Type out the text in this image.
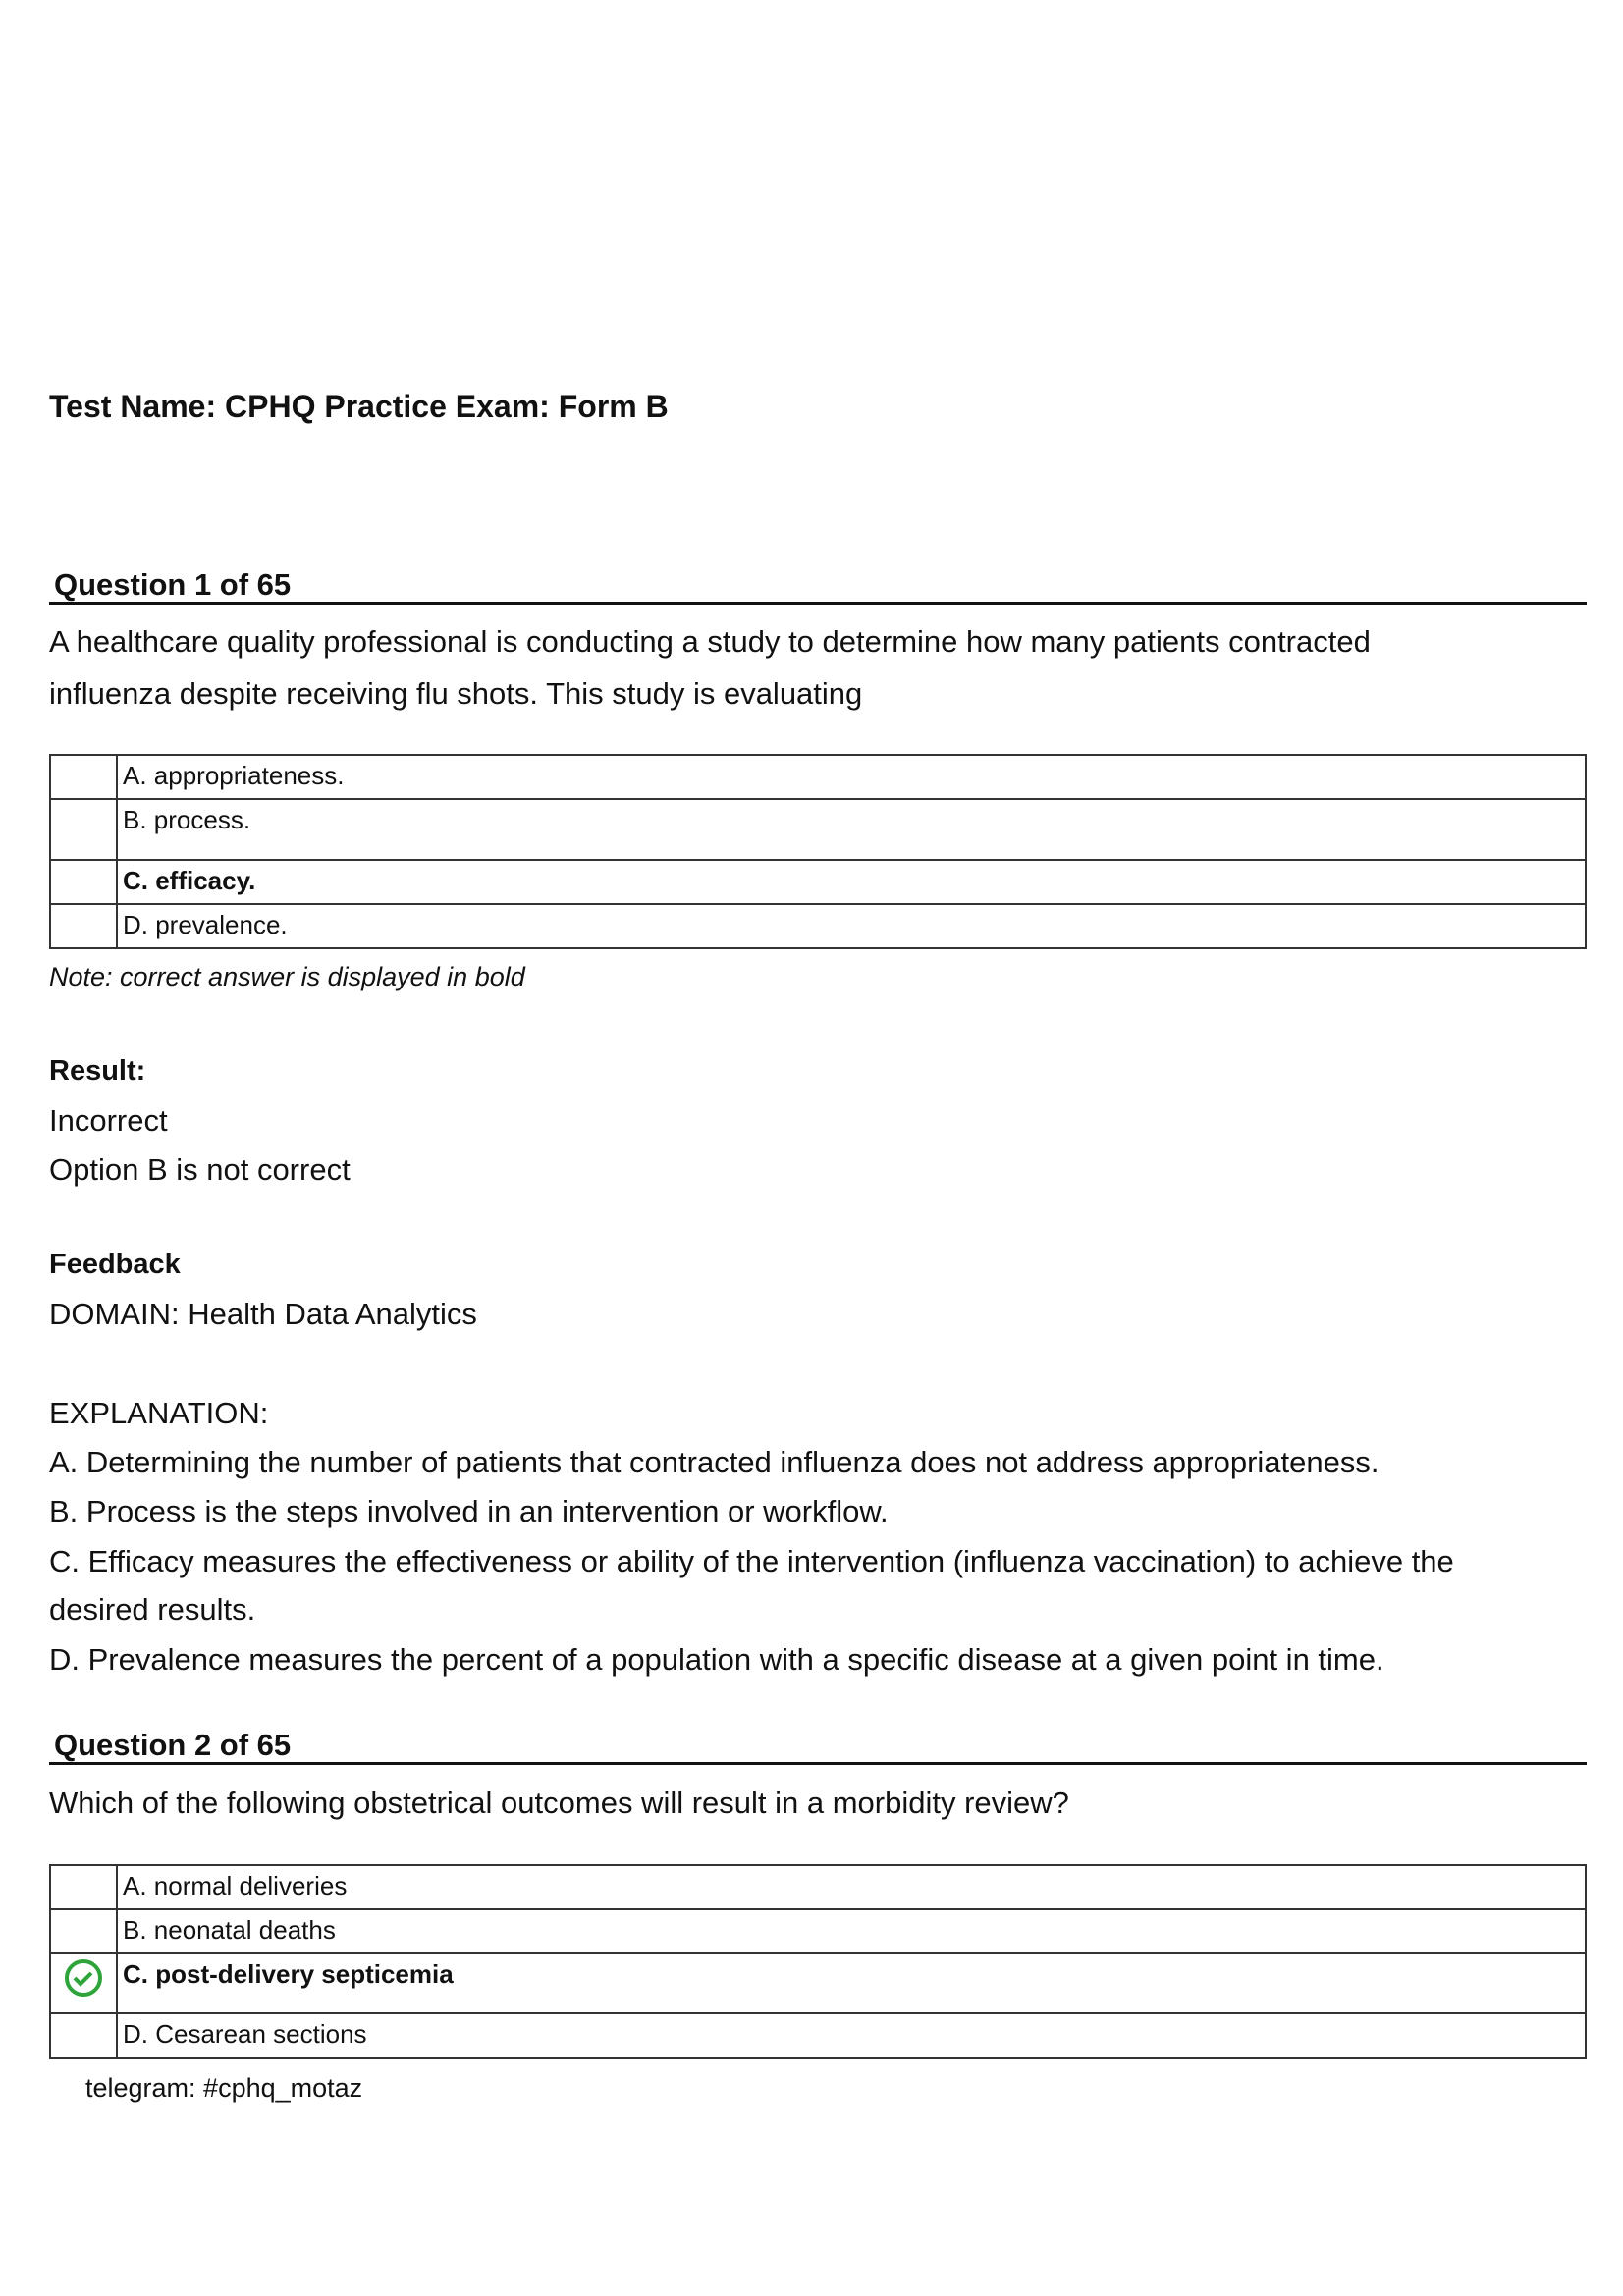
Test Name: CPHQ Practice Exam: Form B
Question 1 of 65
A healthcare quality professional is conducting a study to determine how many patients contracted
influenza despite receiving flu shots. This study is evaluating
	A. appropriateness.
	B. process.
	C. efficacy.
	D. prevalence.
Note: correct answer is displayed in bold
Result:
Incorrect
Option B is not correct
Feedback
DOMAIN: Health Data Analytics
EXPLANATION:
A. Determining the number of patients that contracted influenza does not address appropriateness.
B. Process is the steps involved in an intervention or workflow.
C. Efficacy measures the effectiveness or ability of the intervention (influenza vaccination) to achieve the
desired results.
D. Prevalence measures the percent of a population with a specific disease at a given point in time.
Question 2 of 65
Which of the following obstetrical outcomes will result in a morbidity review?
	A. normal deliveries
	B. neonatal deaths
	C. post-delivery septicemia
	D. Cesarean sections
telegram: #cphq_motaz
